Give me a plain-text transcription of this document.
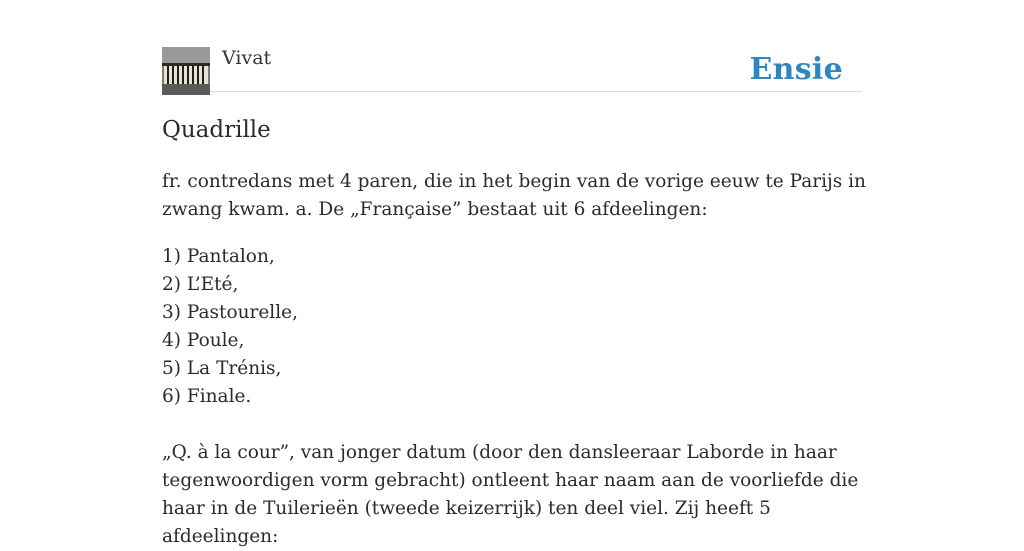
Vivat	Ensie
Quadrille

fr. contredans met 4 paren, die in het begin van de vorige eeuw te Parijs in zwang kwam. a. De „Française” bestaat uit 6 afdeelingen:

1) Pantalon,
2) L’Eté,
3) Pastourelle,
4) Poule,
5) La Trénis,
6) Finale.

„Q. à la cour”, van jonger datum (door den dansleeraar Laborde in haar tegenwoordigen vorm gebracht) ontleent haar naam aan de voorliefde die haar in de Tuilerieën (tweede keizerrijk) ten deel viel. Zij heeft 5 afdeelingen:
